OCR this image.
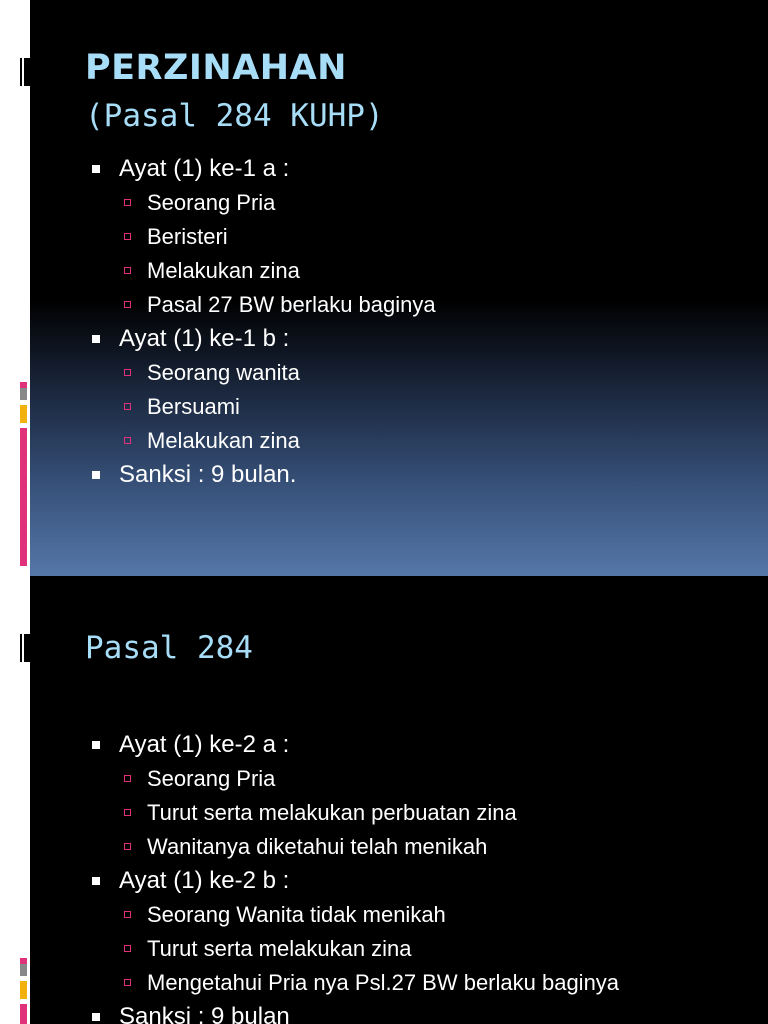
PERZINAHAN
(Pasal 284 KUHP)
Ayat (1) ke-1 a :
Seorang Pria
Beristeri
Melakukan zina
Pasal 27 BW berlaku baginya
Ayat (1) ke-1 b :
Seorang wanita
Bersuami
Melakukan zina
Sanksi : 9 bulan.
Pasal 284
Ayat (1) ke-2 a :
Seorang Pria
Turut serta melakukan perbuatan zina
Wanitanya diketahui telah menikah
Ayat (1) ke-2 b :
Seorang Wanita tidak menikah
Turut serta melakukan zina
Mengetahui Pria nya Psl.27 BW berlaku baginya
Sanksi : 9 bulan
